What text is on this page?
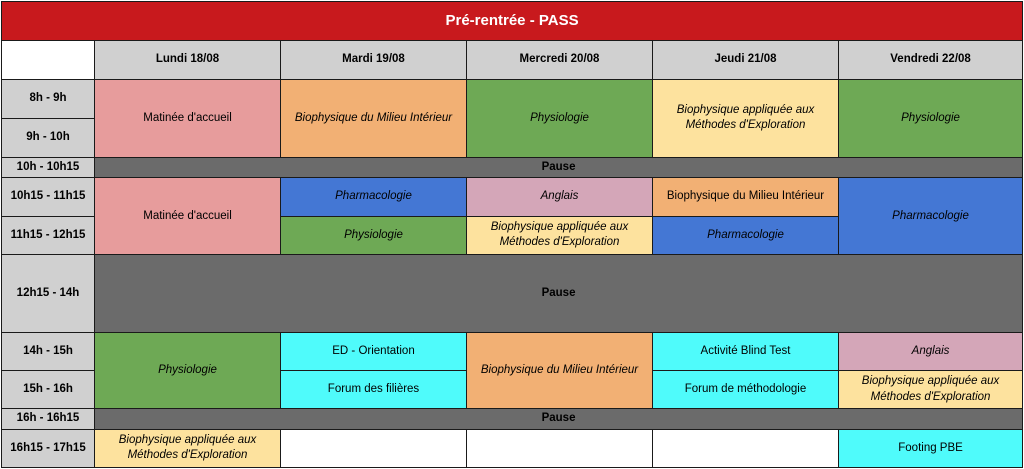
Pré-rentrée - PASS					
	Lundi 18/08	Mardi 19/08	Mercredi 20/08	Jeudi 21/08	Vendredi 22/08
8h - 9h	Matinée d'accueil	Biophysique du Milieu Intérieur	Physiologie	Biophysique appliquée aux Méthodes d'Exploration	Physiologie
9h - 10h					
10h - 10h15	Pause				
10h15 - 11h15	Matinée d'accueil	Pharmacologie	Anglais	Biophysique du Milieu Intérieur	Pharmacologie
11h15 - 12h15		Physiologie	Biophysique appliquée aux Méthodes d'Exploration	Pharmacologie	
12h15 - 14h	Pause				
14h - 15h	Physiologie	ED - Orientation	Biophysique du Milieu Intérieur	Activité Blind Test	Anglais
15h - 16h		Forum des filières		Forum de méthodologie	Biophysique appliquée aux Méthodes d'Exploration
16h - 16h15	Pause				
16h15 - 17h15	Biophysique appliquée aux Méthodes d'Exploration				Footing PBE
